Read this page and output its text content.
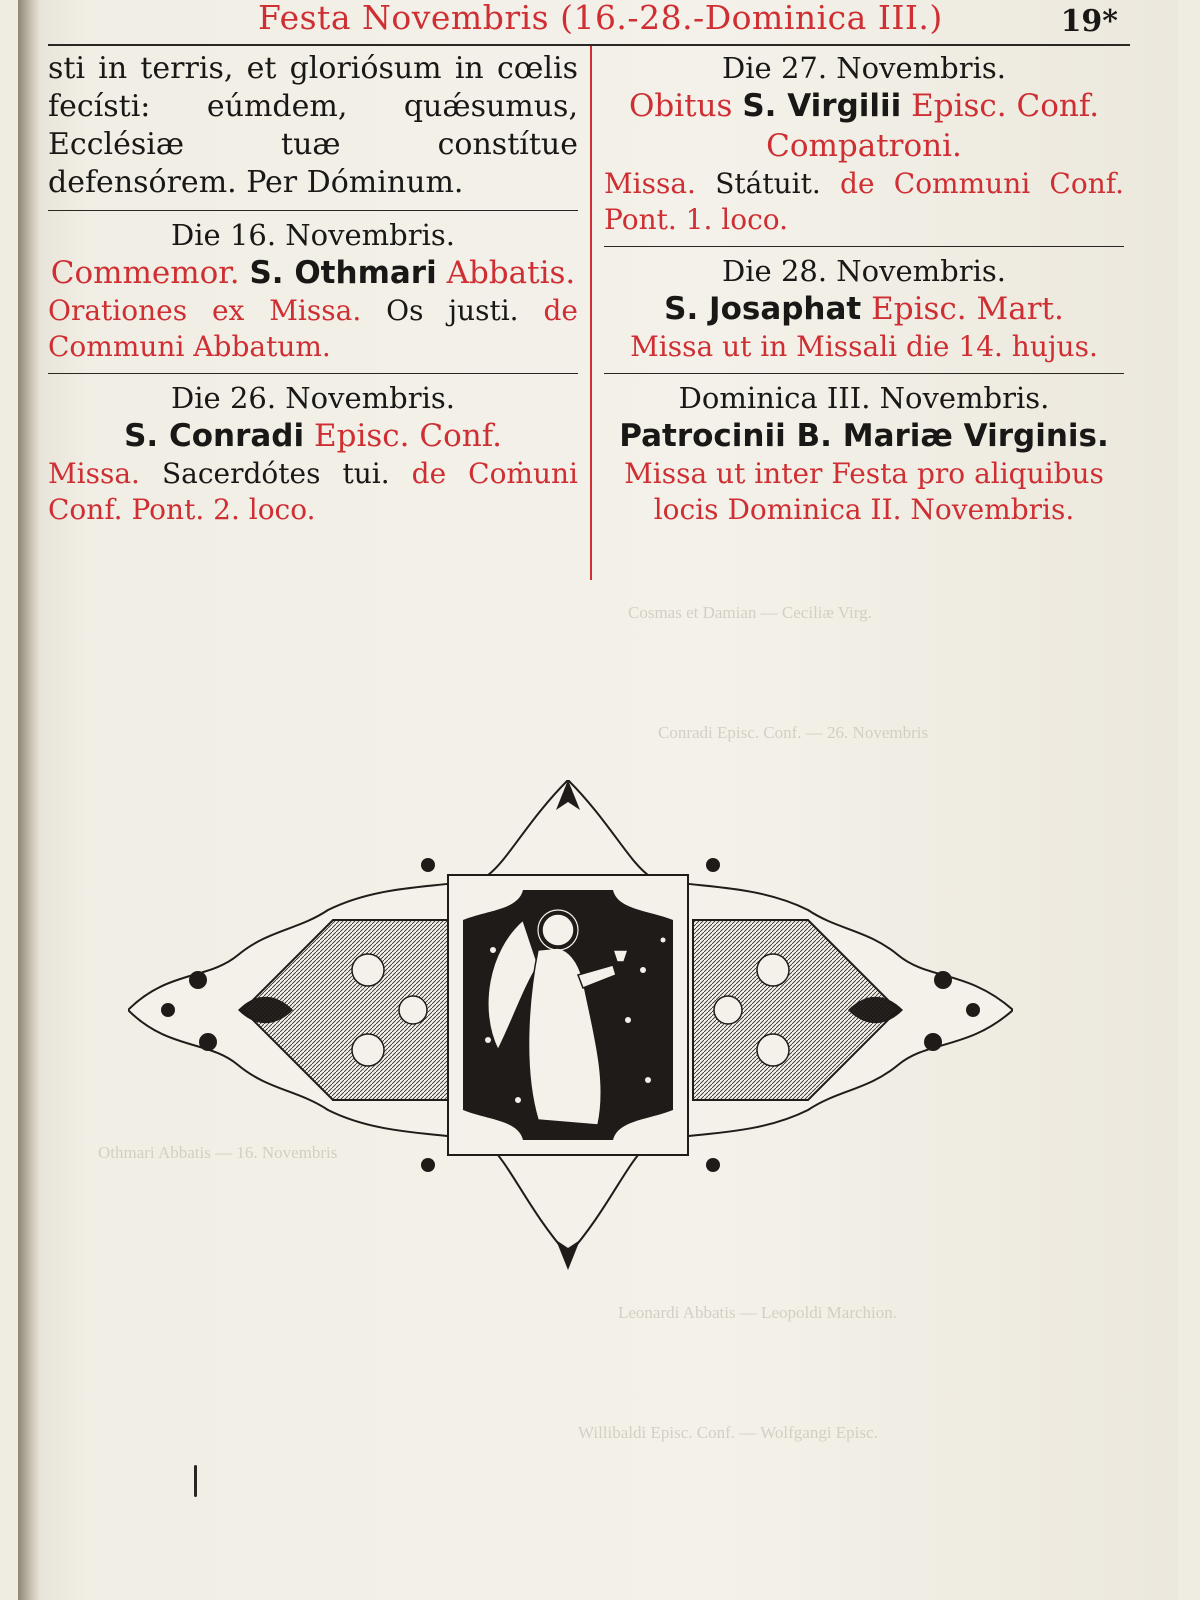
Festa Novembris (16.-28.-Dominica III.)	19*

sti in terris, et gloriósum in cœlis fecísti: eúmdem, quǽsumus, Ecclésiæ tuæ constítue defensórem. Per Dóminum.

Die 16. Novembris.
Commemor. S. Othmari Abbatis.
Orationes ex Missa. Os justi. de Communi Abbatum.
Die 26. Novembris.
S. Conradi Episc. Conf.
Missa. Sacerdótes tui. de Coṁuni Conf. Pont. 2. loco.
Die 27. Novembris.
Obitus S. Virgilii Episc. Conf. Compatroni.
Missa. Státuit. de Communi Conf. Pont. 1. loco.
Die 28. Novembris.
S. Josaphat Episc. Mart.
Missa ut in Missali die 14. hujus.
Dominica III. Novembris.
Patrocinii B. Mariæ Virginis.
Missa ut inter Festa pro aliquibus locis Dominica II. Novembris.
Cosmas et Damian — Ceciliæ Virg.
Conradi Episc. Conf. — 26. Novembris
Othmari Abbatis — 16. Novembris
Leonardi Abbatis — Leopoldi Marchion.
Willibaldi Episc. Conf. — Wolfgangi Episc.
